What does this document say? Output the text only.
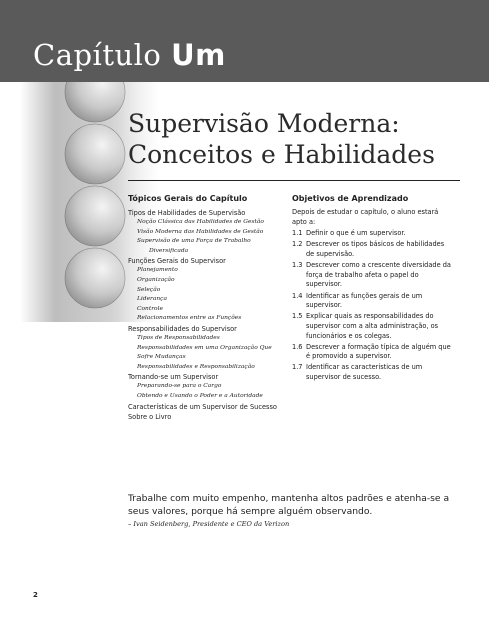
Capítulo Um
Supervisão Moderna:
Conceitos e Habilidades
Tópicos Gerais do Capítulo
Tipos de Habilidades de Supervisão
Noção Clássica das Habilidades de Gestão
Visão Moderna das Habilidades de Gestão
Supervisão de uma Força de Trabalho
Diversificada
Funções Gerais do Supervisor
Planejamento
Organização
Seleção
Liderança
Controle
Relacionamentos entre as Funções
Responsabilidades do Supervisor
Tipos de Responsabilidades
Responsabilidades em uma Organização Que
Sofre Mudanças
Responsabilidades e Responsabilização
Tornando-se um Supervisor
Preparando-se para o Cargo
Obtendo e Usando o Poder e a Autoridade
Características de um Supervisor de Sucesso
Sobre o Livro
Objetivos de Aprendizado
Depois de estudar o capítulo, o aluno estará apto a:
1.1 Definir o que é um supervisor.
1.2 Descrever os tipos básicos de habilidades de supervisão.
1.3 Descrever como a crescente diversidade da força de trabalho afeta o papel do supervisor.
1.4 Identificar as funções gerais de um supervisor.
1.5 Explicar quais as responsabilidades do supervisor com a alta administração, os funcionários e os colegas.
1.6 Descrever a formação típica de alguém que é promovido a supervisor.
1.7 Identificar as características de um supervisor de sucesso.
Trabalhe com muito empenho, mantenha altos padrões e atenha-se a seus valores, porque há sempre alguém observando.
– Ivan Seidenberg, Presidente e CEO da Verizon
2
